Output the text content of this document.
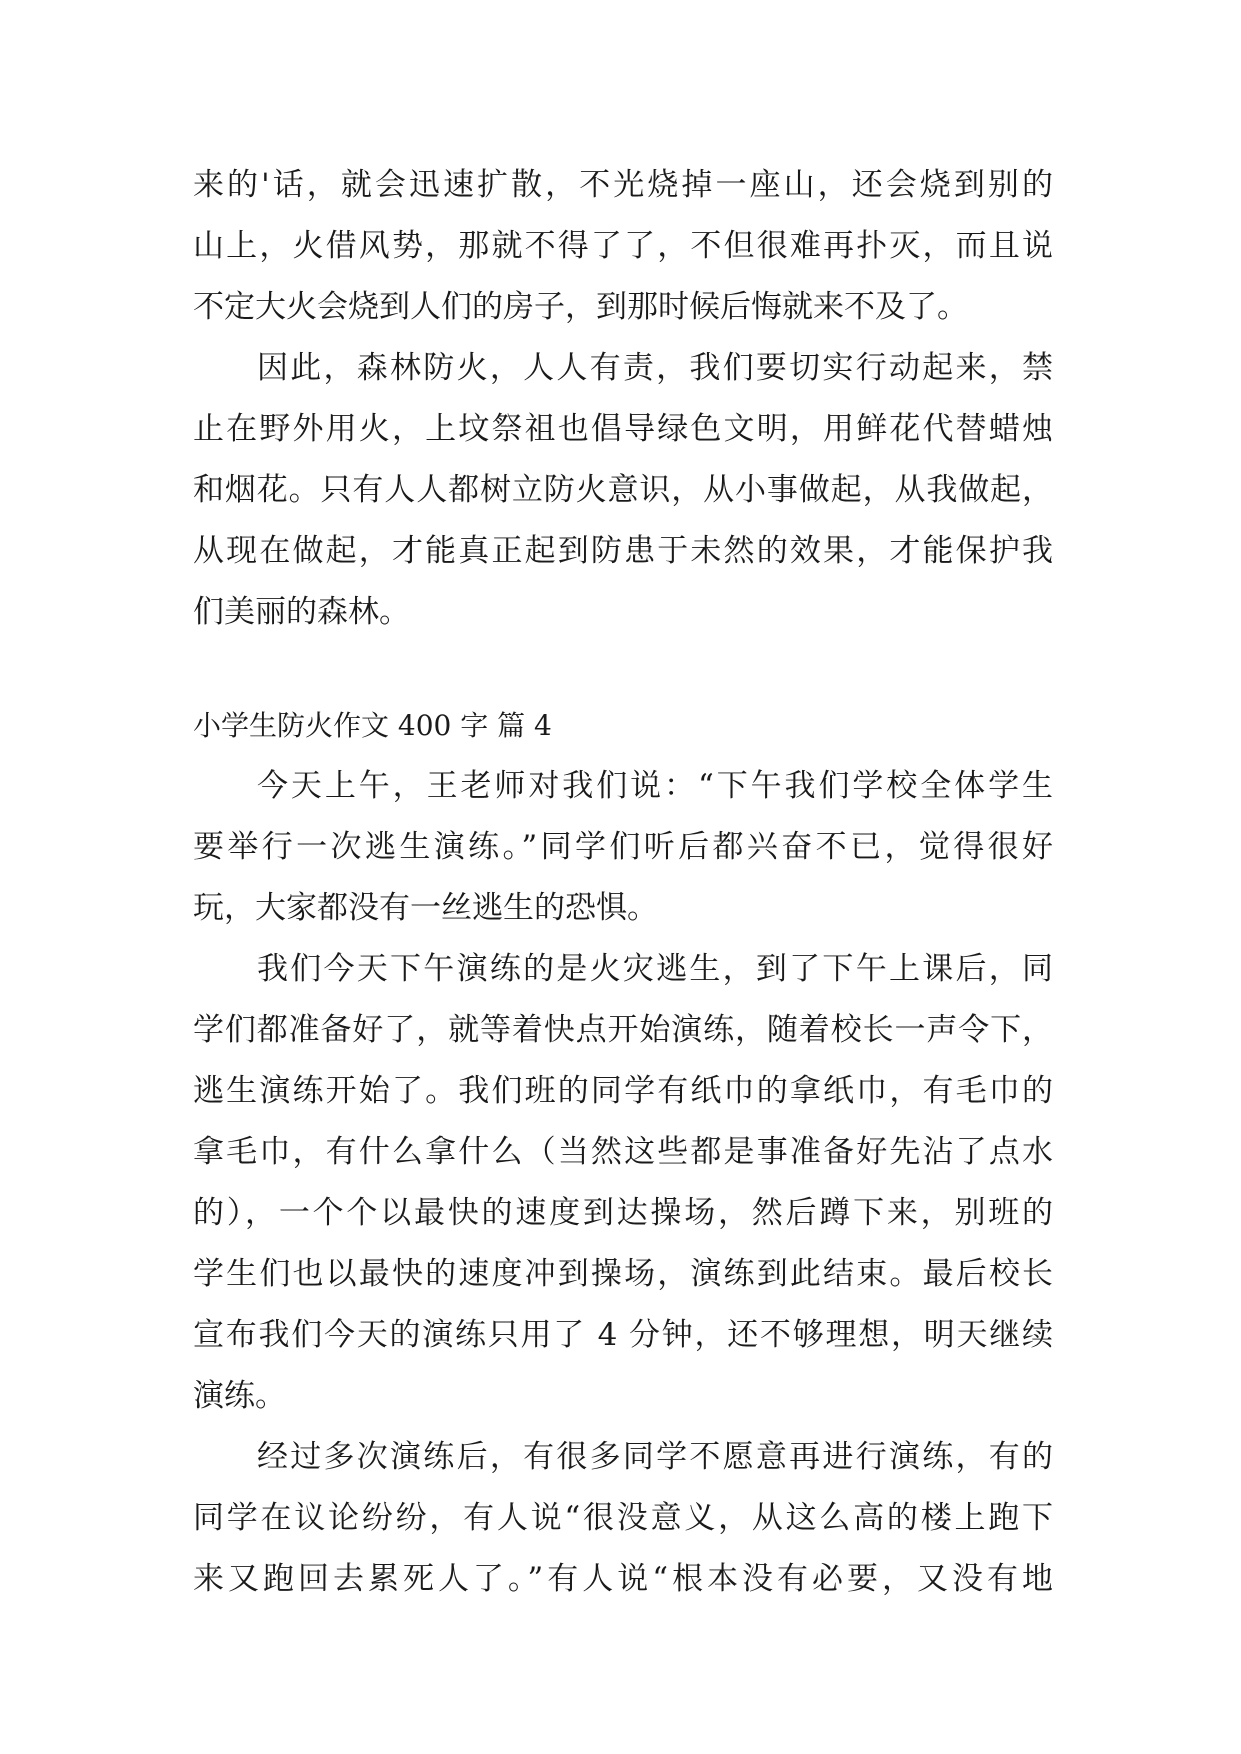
来的'话，就会迅速扩散，不光烧掉一座山，还会烧到别的
山上，火借风势，那就不得了了，不但很难再扑灭，而且说
不定大火会烧到人们的房子，到那时候后悔就来不及了。
因此，森林防火，人人有责，我们要切实行动起来，禁
止在野外用火，上坟祭祖也倡导绿色文明，用鲜花代替蜡烛
和烟花。只有人人都树立防火意识，从小事做起，从我做起，
从现在做起，才能真正起到防患于未然的效果，才能保护我
们美丽的森林。
小学生防火作文 400 字 篇 4
今天上午，王老师对我们说：“下午我们学校全体学生
要举行一次逃生演练。”同学们听后都兴奋不已，觉得很好
玩，大家都没有一丝逃生的恐惧。
我们今天下午演练的是火灾逃生，到了下午上课后，同
学们都准备好了，就等着快点开始演练，随着校长一声令下，
逃生演练开始了。我们班的同学有纸巾的拿纸巾，有毛巾的
拿毛巾，有什么拿什么（当然这些都是事准备好先沾了点水
的），一个个以最快的速度到达操场，然后蹲下来，别班的
学生们也以最快的速度冲到操场，演练到此结束。最后校长
宣布我们今天的演练只用了 4 分钟，还不够理想，明天继续
演练。
经过多次演练后，有很多同学不愿意再进行演练，有的
同学在议论纷纷，有人说“很没意义，从这么高的楼上跑下
来又跑回去累死人了。”有人说“根本没有必要，又没有地
